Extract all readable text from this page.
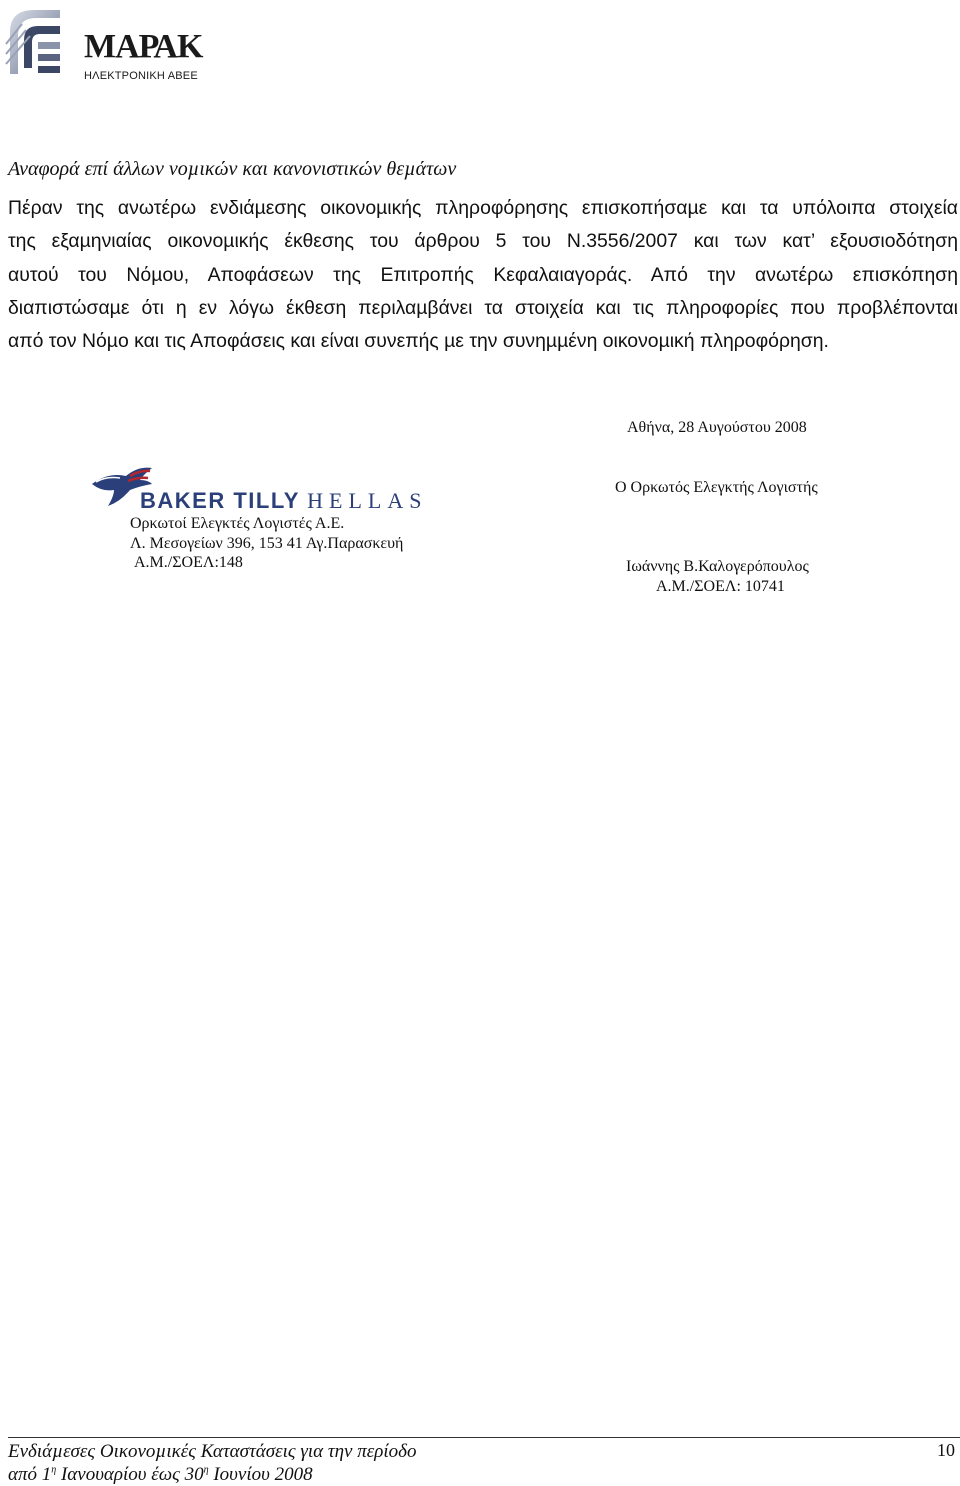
ΜΑΡΑΚ
ΗΛΕΚΤΡΟΝΙΚΗ ΑΒΕΕ
Αναφορά επί άλλων νοµικών και κανονιστικών θεµάτων
Πέραν της ανωτέρω ενδιάµεσης οικονοµικής πληροφόρησης επισκοπήσαµε και τα υπόλοιπα στοιχεία
της εξαµηνιαίας οικονοµικής έκθεσης του άρθρου 5 του Ν.3556/2007 και των κατ’ εξουσιοδότηση
αυτού του Νόµου, Αποφάσεων της Επιτροπής Κεφαλαιαγοράς. Από την ανωτέρω επισκόπηση
διαπιστώσαµε ότι η εν λόγω έκθεση περιλαµβάνει τα στοιχεία και τις πληροφορίες που προβλέπονται
από τον Νόµο και τις Αποφάσεις και είναι συνεπής µε την συνηµµένη οικονοµική πληροφόρηση.
Αθήνα, 28 Αυγούστου 2008
Ο Ορκωτός Ελεγκτής Λογιστής
Ιωάννης Β.Καλογερόπουλος
Α.Μ./ΣΟΕΛ: 10741
BAKER TILLY HELLAS
Ορκωτοί Ελεγκτές Λογιστές Α.Ε.
Λ. Μεσογείων 396, 153 41 Αγ.Παρασκευή
Α.Μ./ΣΟΕΛ:148
Ενδιάµεσες Οικονοµικές Καταστάσεις για την περίοδο
από $1^\eta$ Ιανουαρίου έως $30^\eta$ Ιουνίου 2008
10
